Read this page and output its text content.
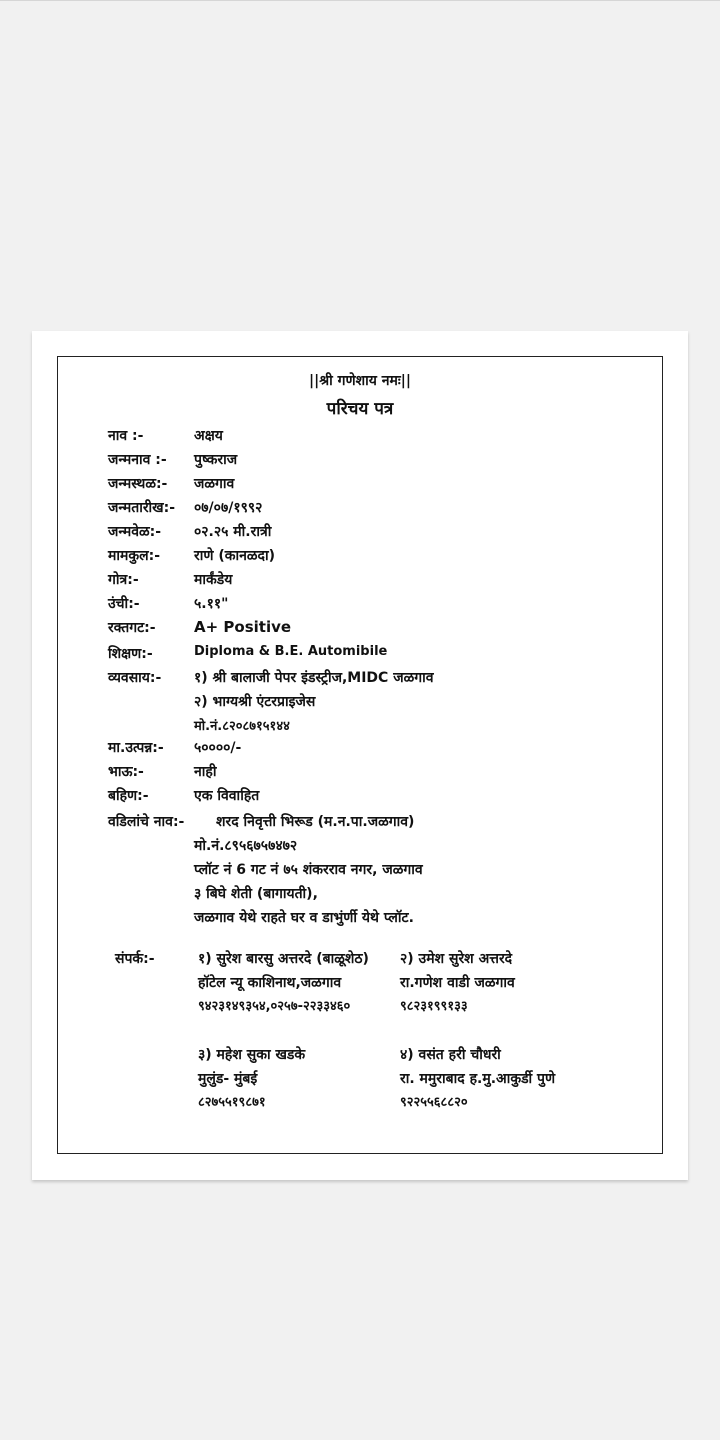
||श्री गणेशाय नमः||
परिचय पत्र
नाव :-	अक्षय
जन्मनाव :- पुष्कराज
जन्मस्थळ:- जळगाव
जन्मतारीख:- ०७/०७/१९९२
जन्मवेळ:- ०२.२५ मी.रात्री
मामकुल:- राणे (कानळदा)
गोत्र:-	मार्कंडेय
उंची:-	५.११"
रक्तगट:-	A+ Positive
शिक्षण:-	Diploma & B.E. Automibile
व्यवसाय:- १) श्री बालाजी पेपर इंडस्ट्रीज,MIDC जळगाव
२) भाग्यश्री एंटरप्राइजेस
मो.नं.८२०८७१५१४४
मा.उत्पन्न:- ५००००/-
भाऊ:-	नाही
बहिण:-	एक विवाहित
वडिलांचे नाव:- शरद निवृत्ती भिरूड (म.न.पा.जळगाव)
मो.नं.८९५६७५७४७२
प्लॉट नं 6 गट नं ७५ शंकरराव नगर, जळगाव
३ बिघे शेती (बागायती),
जळगाव येथे राहते घर व डाभुंर्णी येथे प्लॉट.
संपर्क:-	१) सुरेश बारसु अत्तरदे (बाळूशेठ)
हॉटेल न्यू काशिनाथ,जळगाव
९४२३१४९३५४,०२५७-२२३३४६०
२) उमेश सुरेश अत्तरदे
रा.गणेश वाडी जळगाव
९८२३१९९१३३
३) महेश सुका खडके
मुलुंड- मुंबई
८२७५५१९८७१
४) वसंत हरी चौधरी
रा. ममुराबाद ह.मु.आकुर्डी पुणे
९२२५५६८८२०
